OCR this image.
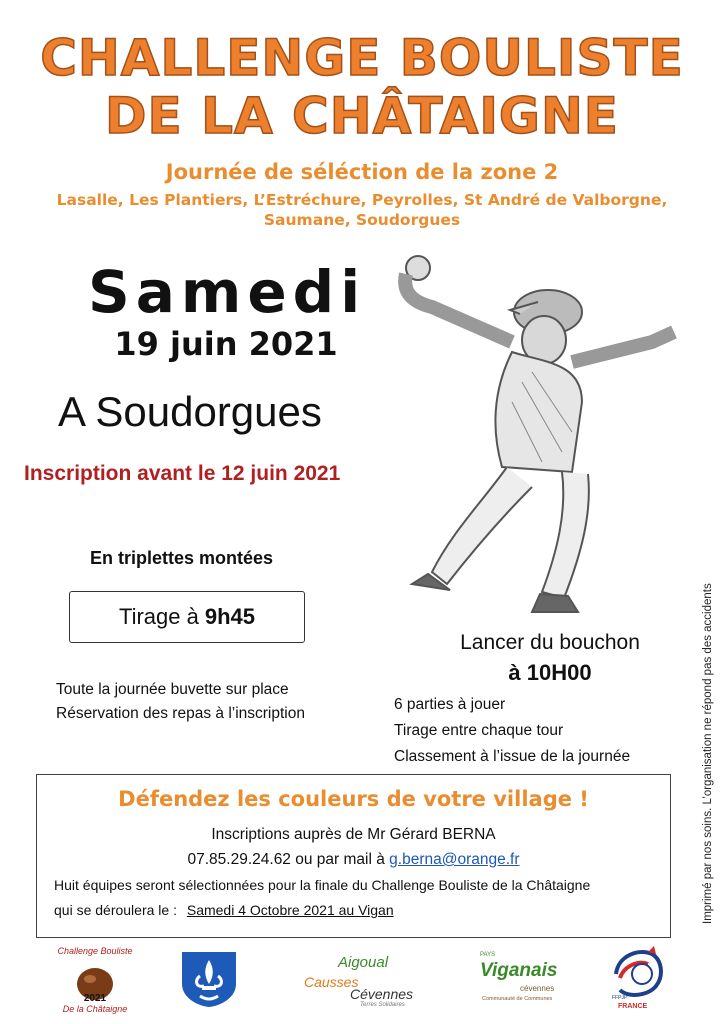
CHALLENGE BOULISTE
DE LA CHÂTAIGNE
Journée de séléction de la zone 2
Lasalle, Les Plantiers, L’Estréchure, Peyrolles, St André de Valborgne,
Saumane, Soudorgues
Samedi
19 juin 2021
A Soudorgues
Inscription avant le 12 juin 2021
En triplettes montées
Tirage à 9h45
Lancer du bouchon
à 10H00
Toute la journée buvette sur place
Réservation des repas à l’inscription
6 parties à jouer
Tirage entre chaque tour
Classement à l’issue de la journée
Défendez les couleurs de votre village !
Inscriptions auprès de Mr Gérard BERNA
07.85.29.24.62 ou par mail à g.berna@orange.fr
Huit équipes seront sélectionnées pour la finale du Challenge Bouliste de la Châtaigne
qui se déroulera le : Samedi 4 Octobre 2021 au Vigan	Imprimé par nos soins. L’organisation ne répond pas des accidents
Challenge Bouliste
2021
De la Châtaigne
Aigoual
Causses
Cévennes
Terres Solidaires
PAYS
Viganais
cévennes
Communauté de Communes	FFPJP
FRANCE
